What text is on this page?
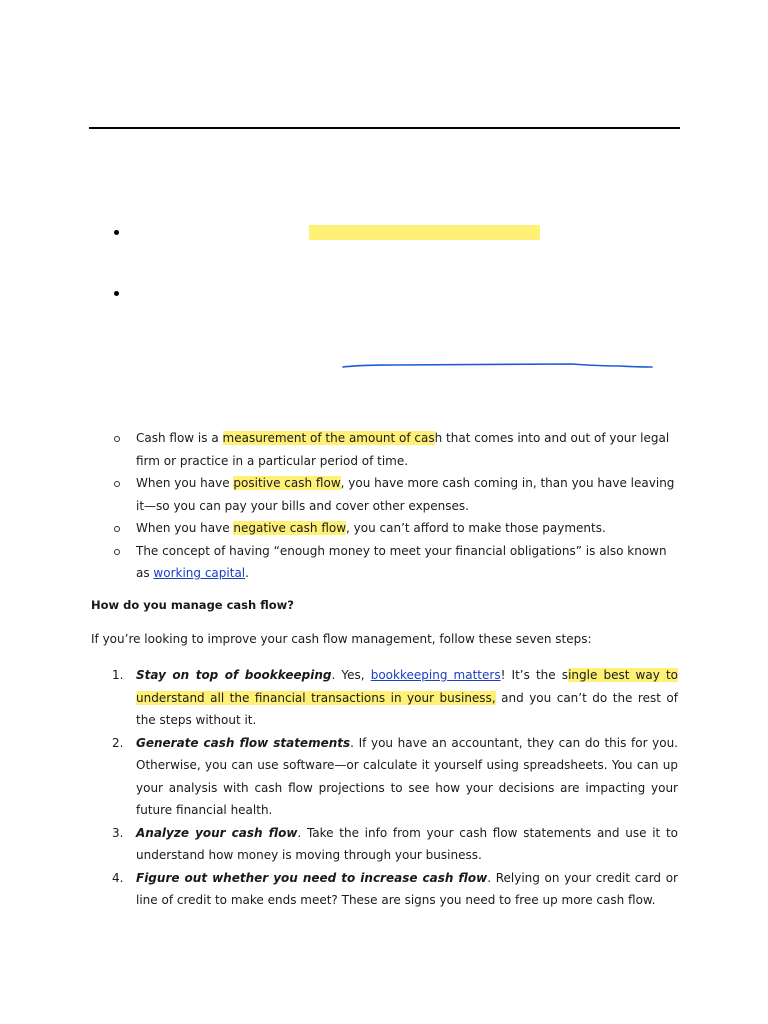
Cash flow is a measurement of the amount of cash that comes into and out of your legal firm or practice in a particular period of time.
When you have positive cash flow, you have more cash coming in, than you have leaving it—so you can pay your bills and cover other expenses.
When you have negative cash flow, you can’t afford to make those payments.
The concept of having “enough money to meet your financial obligations” is also known as working capital.

How do you manage cash flow?

If you’re looking to improve your cash flow management, follow these seven steps:

1. Stay on top of bookkeeping. Yes, bookkeeping matters! It’s the single best way to understand all the financial transactions in your business, and you can’t do the rest of the steps without it.
2. Generate cash flow statements. If you have an accountant, they can do this for you. Otherwise, you can use software—or calculate it yourself using spreadsheets. You can up your analysis with cash flow projections to see how your decisions are impacting your future financial health.
3. Analyze your cash flow. Take the info from your cash flow statements and use it to understand how money is moving through your business.
4. Figure out whether you need to increase cash flow. Relying on your credit card or line of credit to make ends meet? These are signs you need to free up more cash flow.
